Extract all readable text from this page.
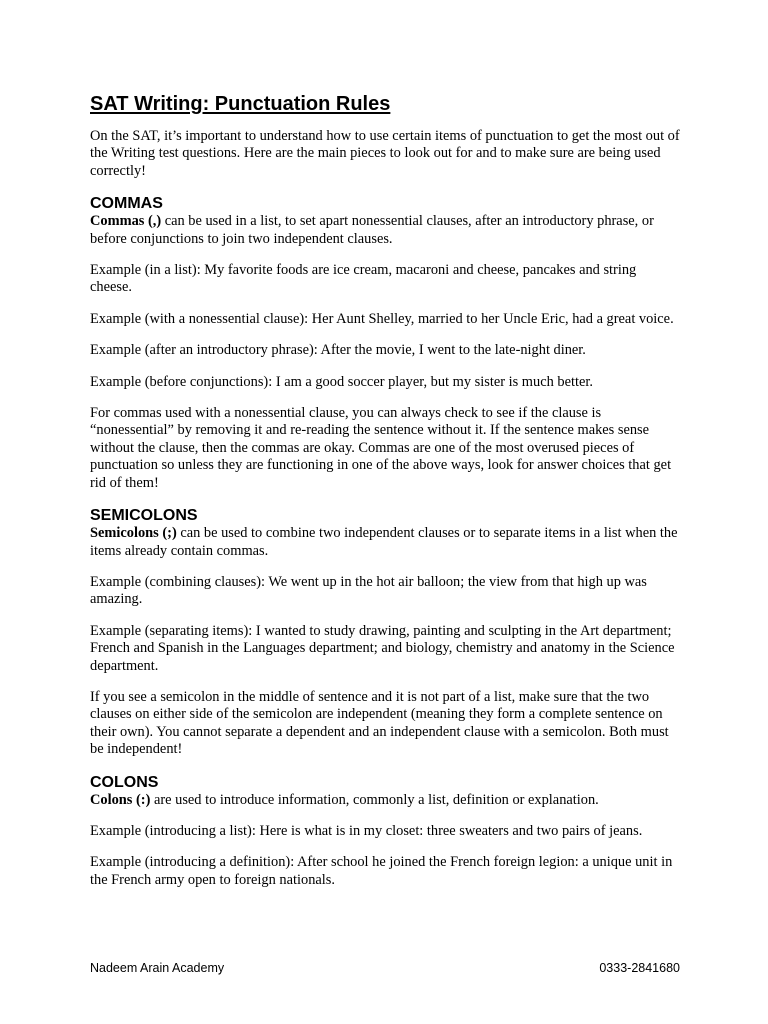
SAT Writing: Punctuation Rules

On the SAT, it’s important to understand how to use certain items of punctuation to get the most out of the Writing test questions. Here are the main pieces to look out for and to make sure are being used correctly!

COMMAS

Commas (,) can be used in a list, to set apart nonessential clauses, after an introductory phrase, or before conjunctions to join two independent clauses.

Example (in a list): My favorite foods are ice cream, macaroni and cheese, pancakes and string cheese.

Example (with a nonessential clause): Her Aunt Shelley, married to her Uncle Eric, had a great voice.

Example (after an introductory phrase): After the movie, I went to the late-night diner.

Example (before conjunctions): I am a good soccer player, but my sister is much better.

For commas used with a nonessential clause, you can always check to see if the clause is “nonessential” by removing it and re-reading the sentence without it. If the sentence makes sense without the clause, then the commas are okay. Commas are one of the most overused pieces of punctuation so unless they are functioning in one of the above ways, look for answer choices that get rid of them!

SEMICOLONS

Semicolons (;) can be used to combine two independent clauses or to separate items in a list when the items already contain commas.

Example (combining clauses): We went up in the hot air balloon; the view from that high up was amazing.

Example (separating items): I wanted to study drawing, painting and sculpting in the Art department; French and Spanish in the Languages department; and biology, chemistry and anatomy in the Science department.

If you see a semicolon in the middle of sentence and it is not part of a list, make sure that the two clauses on either side of the semicolon are independent (meaning they form a complete sentence on their own). You cannot separate a dependent and an independent clause with a semicolon. Both must be independent!

COLONS

Colons (:) are used to introduce information, commonly a list, definition or explanation.

Example (introducing a list): Here is what is in my closet: three sweaters and two pairs of jeans.

Example (introducing a definition): After school he joined the French foreign legion: a unique unit in the French army open to foreign nationals.

Nadeem Arain Academy	0333-2841680
